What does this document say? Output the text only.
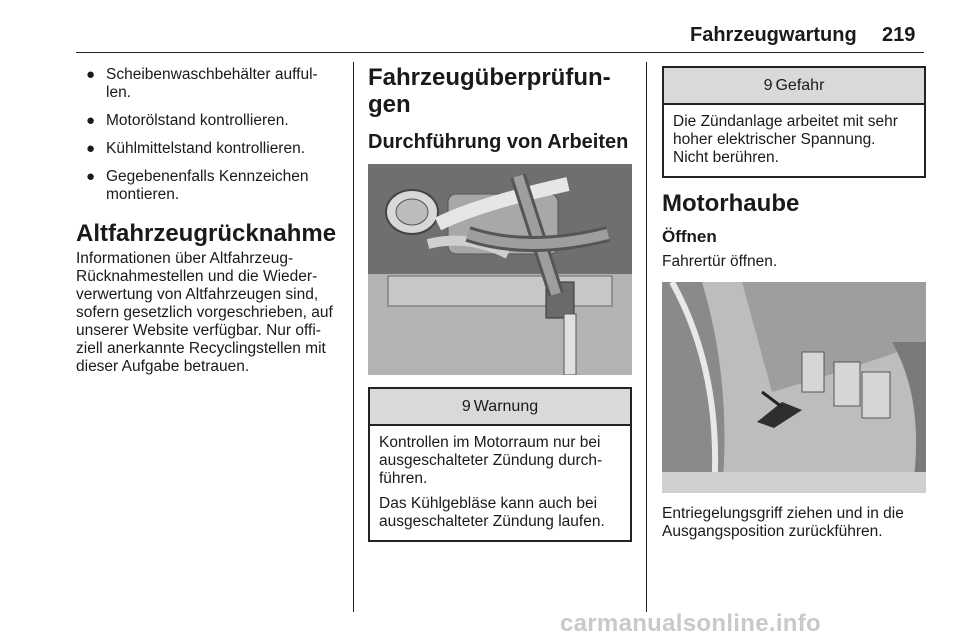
Fahrzeugwartung 219
● Scheibenwaschbehälter aufful-
len.
● Motorölstand kontrollieren.
● Kühlmittelstand kontrollieren.
● Gegebenenfalls Kennzeichen
montieren.
Altfahrzeugrücknahme

Informationen über Altfahrzeug-
Rücknahmestellen und die Wieder-
verwertung von Altfahrzeugen sind,
sofern gesetzlich vorgeschrieben, auf
unserer Website verfügbar. Nur offi-
ziell anerkannte Recyclingstellen mit
dieser Aufgabe betrauen.

Fahrzeugüberprüfun-
gen
Durchführung von Arbeiten
9 Warnung

Kontrollen im Motorraum nur bei
ausgeschalteter Zündung durch-
führen.

Das Kühlgebläse kann auch bei
ausgeschalteter Zündung laufen.

9 Gefahr

Die Zündanlage arbeitet mit sehr
hoher elektrischer Spannung.
Nicht berühren.

Motorhaube
Öffnen

Fahrertür öffnen.

Entriegelungsgriff ziehen und in die
Ausgangsposition zurückführen.

carmanualsonline.info
